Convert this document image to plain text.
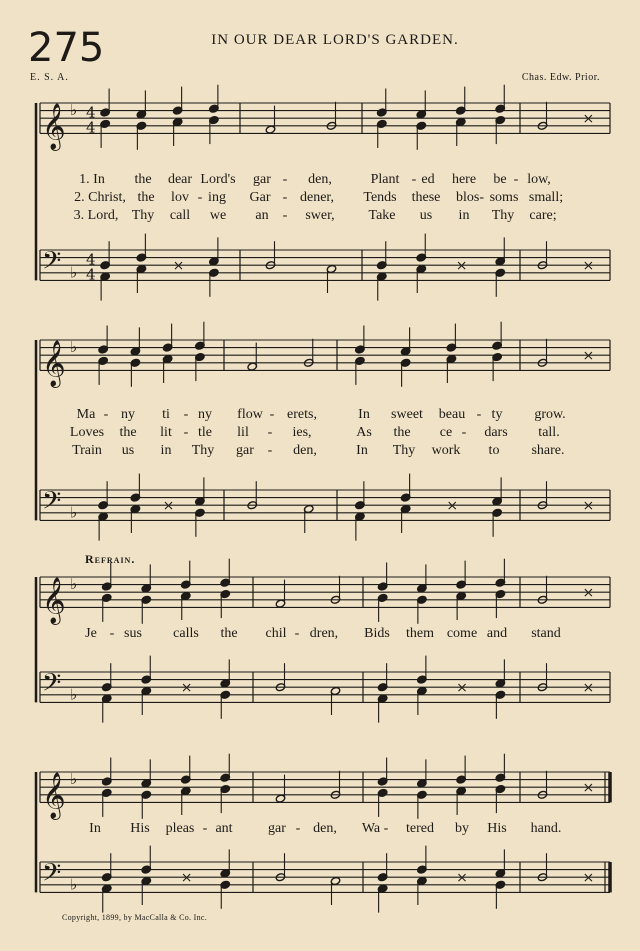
𝄞 ♭
𝄢 ♭
4
4
4
4	×	×
×
×
𝄞 ♭
𝄢 ♭	×	×
×
×
𝄞 ♭
𝄢 ♭	×	×
×
×
𝄞 ♭
𝄢 ♭	×	×
×
×
275	IN OUR DEAR LORD'S GARDEN.
E. S. A.	Chas. Edw. Prior.
1. In the dear Lord's gar - den,	Plant - ed here be - low,
2. Christ, the lov - ing Gar - dener, Tends these blos- soms small;
3. Lord, Thy call we an - swer, Take us in Thy care;
Ma - ny ti - ny flow - erets,	In sweet beau - ty grow.
Loves the lit - tle lil - ies,	As the ce - dars tall.
Train us in Thy gar - den,	In Thy work to share.
Refrain.
Je - sus calls the chil - dren, Bids them come and stand
In His pleas - ant	gar - den, Wa - tered by His hand.
Copyright, 1899, by MacCalla & Co. Inc.
